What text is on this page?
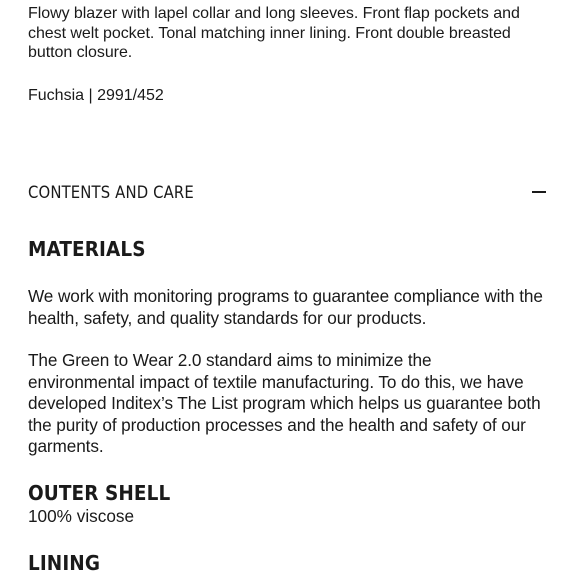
Flowy blazer with lapel collar and long sleeves. Front flap pockets and chest welt pocket. Tonal matching inner lining. Front double breasted button closure.

Fuchsia | 2991/452

CONTENTS AND CARE
MATERIALS

We work with monitoring programs to guarantee compliance with the health, safety, and quality standards for our products.

The Green to Wear 2.0 standard aims to minimize the environmental impact of textile manufacturing. To do this, we have developed Inditex’s The List program which helps us guarantee both the purity of production processes and the health and safety of our garments.

OUTER SHELL

100% viscose

LINING
